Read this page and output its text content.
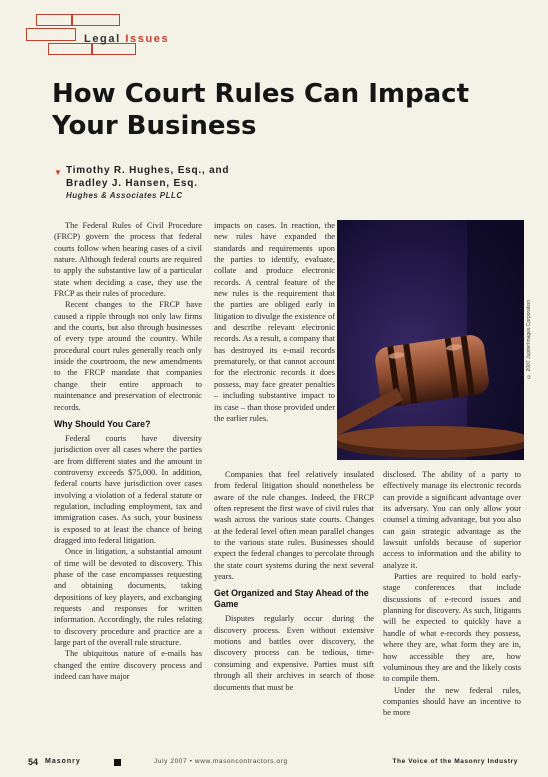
Legal Issues
How Court Rules Can Impact Your Business
▼ Timothy R. Hughes, Esq., and
Bradley J. Hansen, Esq.
Hughes & Associates PLLC

The Federal Rules of Civil Procedure (FRCP) govern the process that federal courts follow when hearing cases of a civil nature. Although federal courts are required to apply the substantive law of a particular state when deciding a case, they use the FRCP as their rules of procedure.

Recent changes to the FRCP have caused a ripple through not only law firms and the courts, but also through businesses of every type around the country. While procedural court rules generally reach only inside the courtroom, the new amendments to the FRCP mandate that companies change their entire approach to maintenance and preservation of electronic records.

Why Should You Care?

Federal courts have diversity jurisdiction over all cases where the parties are from different states and the amount in controversy exceeds $75,000. In addition, federal courts have jurisdiction over cases involving a violation of a federal statute or regulation, including employment, tax and immigration cases. As such, your business is exposed to at least the chance of being dragged into federal litigation.

Once in litigation, a substantial amount of time will be devoted to discovery. This phase of the case encompasses requesting and obtaining documents, taking depositions of key players, and exchanging requests and responses for written information. Accordingly, the rules relating to discovery procedure and practice are a large part of the overall rule structure.

The ubiquitous nature of e-mails has changed the entire discovery process and indeed can have major

impacts on cases. In reaction, the new rules have expanded the standards and requirements upon the parties to identify, evaluate, collate and produce electronic records. A central feature of the new rules is the requirement that the parties are obliged early in litigation to divulge the existence of and describe relevant electronic records. As a result, a company that has destroyed its e-mail records prematurely, or that cannot account for the electronic records it does possess, may face greater penalties – including substantive impact to its case – than those provided under the earlier rules.

Companies that feel relatively insulated from federal litigation should nonetheless be aware of the rule changes. Indeed, the FRCP often represent the first wave of civil rules that wash across the various state courts. Changes at the federal level often mean parallel changes to the various state rules. Businesses should expect the federal changes to percolate through the state court systems during the next several years.

Get Organized and Stay Ahead of the Game

Disputes regularly occur during the discovery process. Even without extensive motions and battles over discovery, the discovery process can be tedious, time-consuming and expensive. Parties must sift through all their archives in search of those documents that must be

disclosed. The ability of a party to effectively manage its electronic records can provide a significant advantage over its adversary. You can only allow your counsel a timing advantage, but you also can gain strategic advantage as the lawsuit unfolds because of superior access to information and the ability to analyze it.

Parties are required to hold early-stage conferences that include discussions of e-record issues and planning for discovery. As such, litigants will be expected to quickly have a handle of what e-records they possess, where they are, what form they are in, how accessible they are, how voluminous they are and the likely costs to compile them.

Under the new federal rules, companies should have an incentive to be more

© 2007 JupiterImages Corporation
54 Masonry	July 2007 • www.masoncontractors.org	The Voice of the Masonry Industry
